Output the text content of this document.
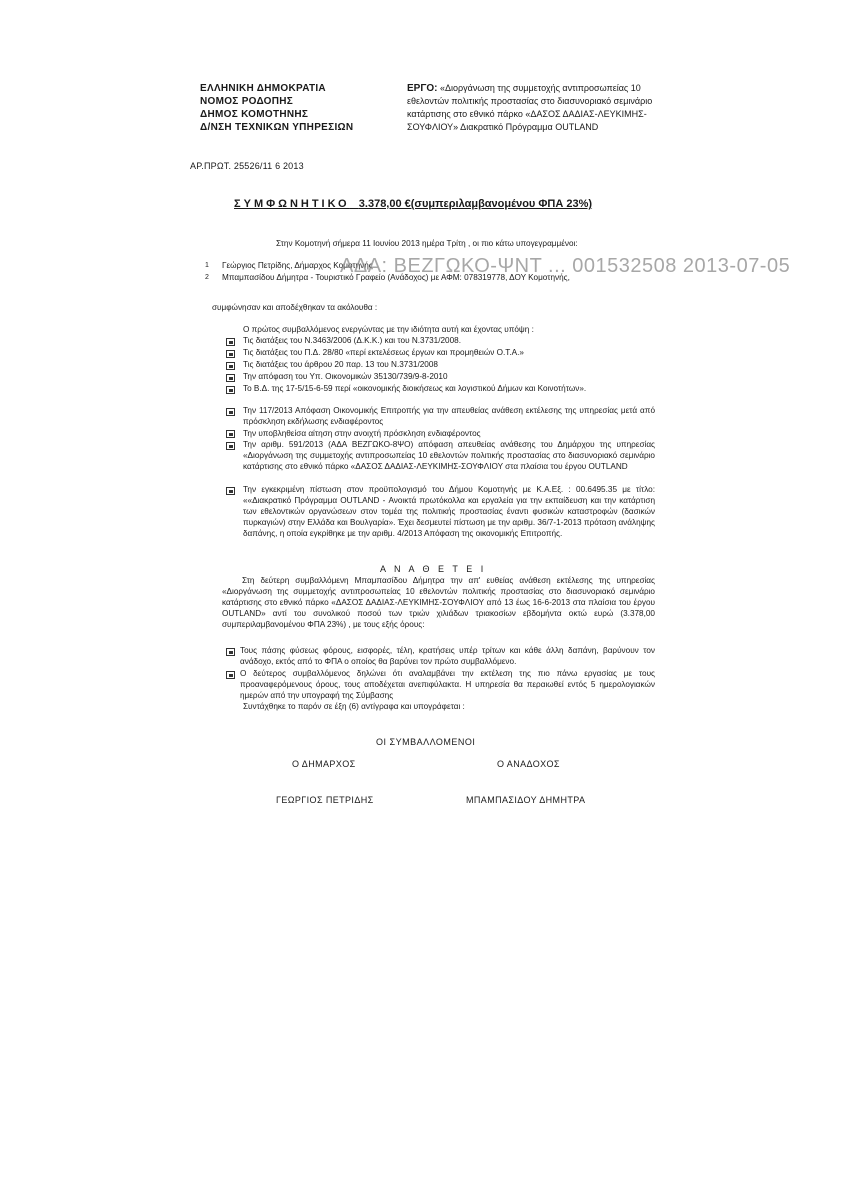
ΕΛΛΗΝΙΚΗ ΔΗΜΟΚΡΑΤΙΑ
ΝΟΜΟΣ ΡΟΔΟΠΗΣ
ΔΗΜΟΣ ΚΟΜΟΤΗΝΗΣ
Δ/ΝΣΗ ΤΕΧΝΙΚΩΝ ΥΠΗΡΕΣΙΩΝ
ΕΡΓΟ: «Διοργάνωση της συμμετοχής αντιπροσωπείας 10 εθελοντών πολιτικής προστασίας στο διασυνοριακό σεμινάριο κατάρτισης στο εθνικό πάρκο «ΔΑΣΟΣ ΔΑΔΙΑΣ-ΛΕΥΚΙΜΗΣ-ΣΟΥΦΛΙΟΥ» Διακρατικό Πρόγραμμα OUTLAND
ΑΡ.ΠΡΩΤ. 25526/11 6 2013
ΣΥΜΦΩΝΗΤΙΚΟ 3.378,00 €(συμπεριλαμβανομένου ΦΠΑ 23%)
Στην Κομοτηνή σήμερα 11 Ιουνίου 2013 ημέρα Τρίτη , οι πιο κάτω υπογεγραμμένοι:
1 Γεώργιος Πετρίδης, Δήμαρχος Κομοτηνής
2 Μπαμπασίδου Δήμητρα - Τουριστικό Γραφείο (Ανάδοχος) με ΑΦΜ: 078319778, ΔΟΥ Κομοτηνής,
ΑΔΑ: ΒΕΖΓΩΚΟ-ΨΝΤ ... 001532508 2013-07-05
συμφώνησαν και αποδέχθηκαν τα ακόλουθα :
Ο πρώτος συμβαλλόμενος ενεργώντας με την ιδιότητα αυτή και έχοντας υπόψη :
Τις διατάξεις του Ν.3463/2006 (Δ.Κ.Κ.) και του Ν.3731/2008.
Τις διατάξεις του Π.Δ. 28/80 «περί εκτελέσεως έργων και προμηθειών Ο.Τ.Α.»
Τις διατάξεις του άρθρου 20 παρ. 13 του Ν.3731/2008
Την απόφαση του Υπ. Οικονομικών 35130/739/9-8-2010
Το Β.Δ. της 17-5/15-6-59 περί «οικονομικής διοικήσεως και λογιστικού Δήμων και Κοινοτήτων».
Την 117/2013 Απόφαση Οικονομικής Επιτροπής για την απευθείας ανάθεση εκτέλεσης της υπηρεσίας μετά από πρόσκληση εκδήλωσης ενδιαφέροντος
Την υποβληθείσα αίτηση στην ανοιχτή πρόσκληση ενδιαφέροντος
Την αριθμ. 591/2013 (ΑΔΑ ΒΕΖΓΩΚΟ-8ΨΟ) απόφαση απευθείας ανάθεσης του Δημάρχου της υπηρεσίας «Διοργάνωση της συμμετοχής αντιπροσωπείας 10 εθελοντών πολιτικής προστασίας στο διασυνοριακό σεμινάριο κατάρτισης στο εθνικό πάρκο «ΔΑΣΟΣ ΔΑΔΙΑΣ-ΛΕΥΚΙΜΗΣ-ΣΟΥΦΛΙΟΥ στα πλαίσια του έργου OUTLAND
Την εγκεκριμένη πίστωση στον προϋπολογισμό του Δήμου Κομοτηνής με Κ.Α.Εξ. : 00.6495.35 με τίτλο: ««Διακρατικό Πρόγραμμα OUTLAND - Ανοικτά πρωτόκολλα και εργαλεία για την εκπαίδευση και την κατάρτιση των εθελοντικών οργανώσεων στον τομέα της πολιτικής προστασίας έναντι φυσικών καταστροφών (δασικών πυρκαγιών) στην Ελλάδα και Βουλγαρία». Έχει δεσμευτεί πίστωση με την αριθμ. 36/7-1-2013 πρόταση ανάληψης δαπάνης, η οποία εγκρίθηκε με την αριθμ. 4/2013 Απόφαση της οικονομικής Επιτροπής.
Α Ν Α Θ Ε Τ Ε Ι
Στη δεύτερη συμβαλλόμενη Μπαμπασίδου Δήμητρα την απ' ευθείας ανάθεση εκτέλεσης της υπηρεσίας «Διοργάνωση της συμμετοχής αντιπροσωπείας 10 εθελοντών πολιτικής προστασίας στο διασυνοριακό σεμινάριο κατάρτισης στο εθνικό πάρκο «ΔΑΣΟΣ ΔΑΔΙΑΣ-ΛΕΥΚΙΜΗΣ-ΣΟΥΦΛΙΟΥ από 13 έως 16-6-2013 στα πλαίσια του έργου OUTLAND» αντί του συνολικού ποσού των τριών χιλιάδων τριακοσίων εβδομήντα οκτώ ευρώ (3.378,00 συμπεριλαμβανομένου ΦΠΑ 23%) , με τους εξής όρους:
Τους πάσης φύσεως φόρους, εισφορές, τέλη, κρατήσεις υπέρ τρίτων και κάθε άλλη δαπάνη, βαρύνουν τον ανάδοχο, εκτός από το ΦΠΑ ο οποίος θα βαρύνει τον πρώτο συμβαλλόμενο.
Ο δεύτερος συμβαλλόμενος δηλώνει ότι αναλαμβάνει την εκτέλεση της πιο πάνω εργασίας με τους προαναφερόμενους όρους, τους αποδέχεται ανεπιφύλακτα. Η υπηρεσία θα περαιωθεί εντός 5 ημερολογιακών ημερών από την υπογραφή της Σύμβασης
Συντάχθηκε το παρόν σε έξη (6) αντίγραφα και υπογράφεται :
ΟΙ ΣΥΜΒΑΛΛΟΜΕΝΟΙ
Ο ΔΗΜΑΡΧΟΣ	Ο ΑΝΑΔΟΧΟΣ
ΓΕΩΡΓΙΟΣ ΠΕΤΡΙΔΗΣ	ΜΠΑΜΠΑΣΙΔΟΥ ΔΗΜΗΤΡΑ
